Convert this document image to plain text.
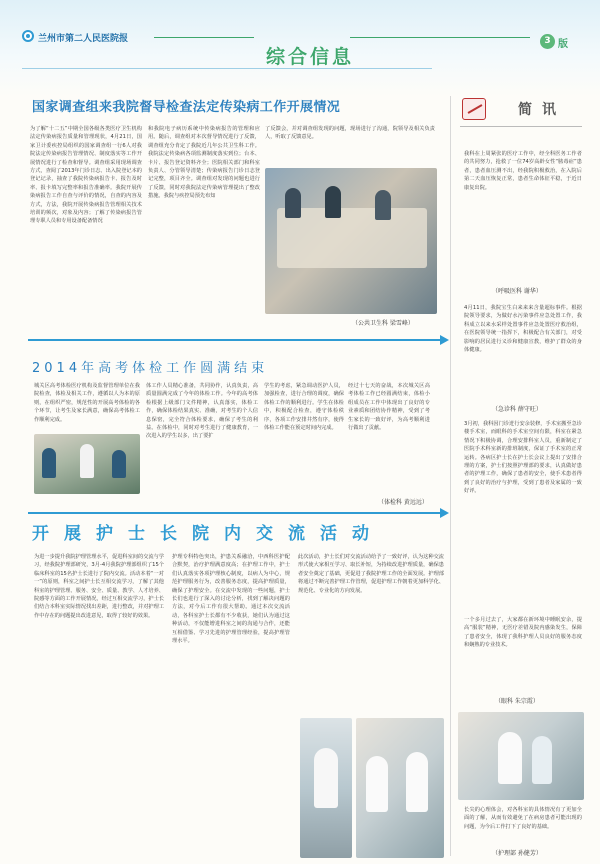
兰州市第二人民医院报
综合信息
3 版
国家调查组来我院督导检查法定传染病工作开展情况
为了解“十二五”中期全国各级各类医疗卫生机构法定传染病报告质量和管理现状，4月21日，国家卫计委疾控局组织的国家调查组一行6人对我院法定传染病报告管理情况、制度落实等工作开展情况进行了检查和督导。调查组采用现场调查方式，查阅了2013年门诊日志、出入院登记本的登记记录，抽查了我院传染病报告卡、报告及时率、报卡填写完整率和报告准确率。我院开展传染病报告工作自查与评价的情况，自查的内容及方式，方法，我院开展传染病报告管理相关技术培训的频次，对象及内容；了解了传染病报告管理专职人员和专用设备配备情况
和我院电子病历系统中传染病报告的管理和应用。随后，调查组对本次督导情况进行了反馈，调查组充分肯定了我院近几年公共卫生科工作。我院法定传染病各项监测制度落实到位；台本、卡片、报告登记资料齐全；医院相关部门和科室负责人、分管领导清楚；传染病报告门诊日志登记完整，项目齐全。调查组对发现的问题也进行了反馈，同时对我院法定传染病管理提出了整改措施。我院与疾控局预先布知
了反馈会，并对调查组发现的问题，现场进行了沟通，院领导及相关负责人，听取了反馈意见。
（公共卫生科 梁雪峰）
2014年高考体检工作圆满结束
城关区高考体检医疗机构及监督管理单位在我院检查，体检及相关工作，遵循以人为本的原则，在组织严密，规范性的开展高考体检的各个环节，让考生及家长满意，确保高考体检工作顺利完成。
体工作人员精心准备，共同协作，认真负责，高质量圆满完成了今年的体检工作。今年的高考体检根据上级部门文件精神，认真落实，体检工作，确保体检结果真实、准确，对考生的个人信息保密，完全符合体检要求，确保了考生的利益。在体检中，同时对考生进行了健康教育，一次进入的学生以多，出了要扩
学生的考虑，紧急调动医护人员，加强检查，进行合理的调度，确保体检工作的顺利进行。学生在体检中，积极配合检查，遵守体检秩序，各项工作安排井然有序，使得体检工作能在预定时间内完成。
经过十七天的奋战，本次城关区高考体检工作已经圆满结束，体检小组成员在工作中体现出了良好的专业素质和团结协作精神，受到了考生家长的一致好评，为高考顺利进行做出了贡献。
（体检科 黄远远）
开展护士长院内交流活动
为进一步提升我院护理管理水平，促进科室间的交流与学习，经我院护理部研究，3月-4月我院护理部组织了15个临床科室的15名护士长进行了院内交流。活动本着“一对一”的原则，科室之间护士长互相交流学习，了解了其他科室的护理管理、服务、安全、质量、教学、人才培养、院感等方面的工作开展情况，经过互相交流学习，护士长们结合本科室实际情况找出差距，进行整改，并对护理工作中存在的问题提出改进意见，取得了较好的效果。
护理专科特色突出，护患关系融洽，中西科医护配合默契，治疗护理满意度高；在护理工作中，护士们认真落实各项护理核心制度，以病人为中心，规范护理服务行为，改善服务态度，提高护理质量，确保了护理安全。在交流中发现的一些问题，护士长们也进行了深入的讨论分析，找到了解决问题的方法，对今后工作有很大帮助。通过本次交流活动，各科室护士长都有不少收获，她们认为通过这种活动，不仅能增进科室之间的沟通与合作，还能互相借鉴、学习先进的护理管理经验，提高护理管理水平。
此次活动，护士长们对交流活动给予了一致好评，认为这种交流形式使大家相互学习、取长补短，为持续改进护理质量，确保患者安全奠定了基础，更促进了我院护理工作的全面发展。护理部将通过不断完善护理工作管理，促进护理工作朝着更加科学化、规范化、专业化的方向发展。
简讯
我科在上周紧张的医疗工作中，经全科医务工作者的共同努力，抢救了一位74岁高龄女性“脓毒症”患者，患者血压测不出，经我院积极救治，在入院后第二天血压恢复正常，患者生命体征平稳，于近日康复出院。
（呼吸医科 谢华）
4月11日，我院宝生白来来来含量超标事件。根据院领导要求，为做好水污染事件应急处置工作，我科成立以来水采样处置事件应急处置医疗救治组，在医院领导统一指挥下，积极配合有关部门，对受影响的居民进行义诊和健康宣教，维护了群众的身体健康。
（急诊科 薛守旺）
3月初，我科因门诊迸行安余装修，手术室搬至急诊楼手术室，而眼科的手术室空间有限，科室在紧急情况下积极协调，合理安排科室人员，重新制定了医院手术科室新的排班制度，保证了手术室的正常运转。各病区护士长在护士长会议上提出了安排合理的方案，护士们按照护理部的要求，认真做好患者的护理工作，确保了患者的安全，使手术患者得到了良好的治疗与护理，受到了患者及家属的一致好评。
一个多月过去了，大家都在新环境中睡眠安余，提高“服装”精神，无医疗差错及院内感染发生，保障了患者安全，体现了我科护理人员良好的服务态度和娴熟的专业技术。
（眼科 朱宗霞）
长尖的心理体会，对各科室的具体情况有了更加全面的了解，从而有效避免了在病房患者可能出现的问题，为今后工作打下了良好的基础。
（护理部 孙健芳）
